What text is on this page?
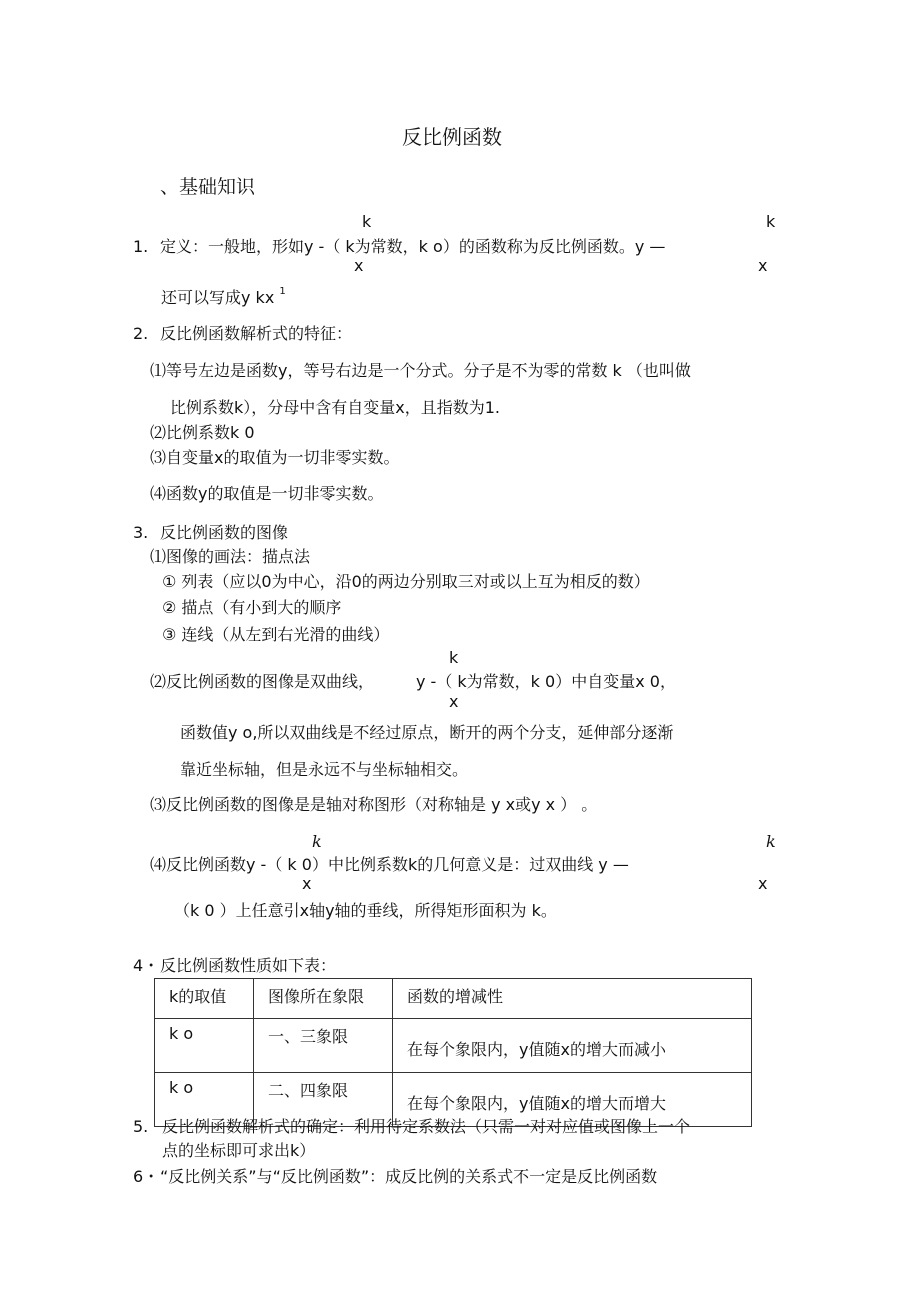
反比例函数
、基础知识
k	k
1. 定义：一般地，形如y -（ k为常数，k o）的函数称为反比例函数。y —
x	x
还可以写成y kx $^1$
2. 反比例函数解析式的特征：
⑴等号左边是函数y，等号右边是一个分式。分子是不为零的常数 k （也叫做
比例系数k），分母中含有自变量x，且指数为1.
⑵比例系数k 0
⑶自变量x的取值为一切非零实数。
⑷函数y的取值是一切非零实数。
3. 反比例函数的图像
⑴图像的画法：描点法
① 列表（应以0为中心，沿0的两边分别取三对或以上互为相反的数）
② 描点（有小到大的顺序
③ 连线（从左到右光滑的曲线）
k
⑵反比例函数的图像是双曲线，	y -（ k为常数，k 0）中自变量x 0，
x
函数值y o,所以双曲线是不经过原点，断开的两个分支，延伸部分逐渐
靠近坐标轴，但是永远不与坐标轴相交。
⑶反比例函数的图像是是轴对称图形（对称轴是 y x或y x ） 。
k	k
⑷反比例函数y -（ k 0）中比例系数k的几何意义是：过双曲线 y —
x	x
（k 0 ）上任意引x轴y轴的垂线，所得矩形面积为 k。
4・ 反比例函数性质如下表：
k的取值	图像所在象限	函数的增减性
k o	一、三象限	在每个象限内，y值随x的增大而减小
k o	二、四象限	在每个象限内，y值随x的增大而增大
5. 反比例函数解析式的确定：利用待定系数法（只需一对对应值或图像上一个
点的坐标即可求出k）
6・ “反比例关系”与“反比例函数”：成反比例的关系式不一定是反比例函数
